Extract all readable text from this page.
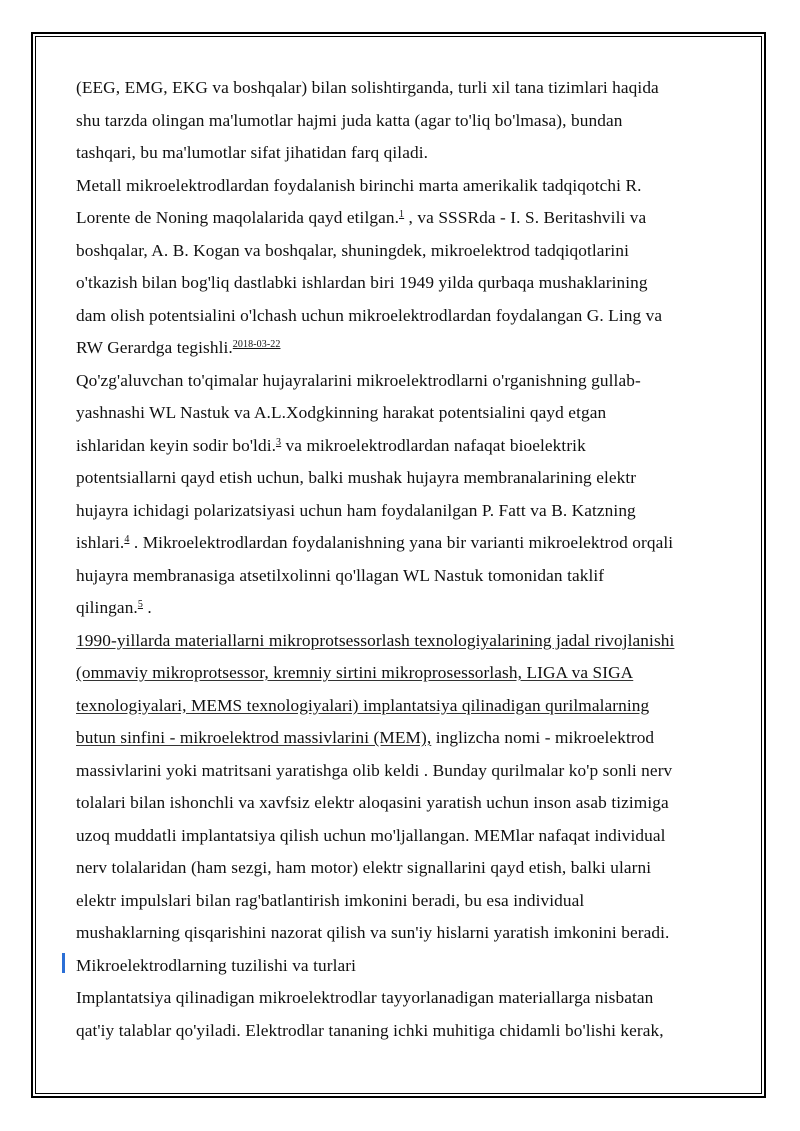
(EEG, EMG, EKG va boshqalar) bilan solishtirganda, turli xil tana tizimlari haqida
shu tarzda olingan ma'lumotlar hajmi juda katta (agar to'liq bo'lmasa), bundan
tashqari, bu ma'lumotlar sifat jihatidan farq qiladi.
Metall mikroelektrodlardan foydalanish birinchi marta amerikalik tadqiqotchi R.
Lorente de Noning maqolalarida qayd etilgan.$^1$ , va SSSRda - I. S. Beritashvili va
boshqalar, A. B. Kogan va boshqalar, shuningdek, mikroelektrod tadqiqotlarini
o'tkazish bilan bog'liq dastlabki ishlardan biri 1949 yilda qurbaqa mushaklarining
dam olish potentsialini o'lchash uchun mikroelektrodlardan foydalangan G. Ling va
RW Gerardga tegishli.$^{2018-03-22}$
Qo'zg'aluvchan to'qimalar hujayralarini mikroelektrodlarni o'rganishning gullab-
yashnashi WL Nastuk va A.L.Xodgkinning harakat potentsialini qayd etgan
ishlaridan keyin sodir bo'ldi.$^3$ va mikroelektrodlardan nafaqat bioelektrik
potentsiallarni qayd etish uchun, balki mushak hujayra membranalarining elektr
hujayra ichidagi polarizatsiyasi uchun ham foydalanilgan P. Fatt va B. Katzning
ishlari.$^4$ . Mikroelektrodlardan foydalanishning yana bir varianti mikroelektrod orqali
hujayra membranasiga atsetilxolinni qo'llagan WL Nastuk tomonidan taklif
qilingan.$^5$ .
1990-yillarda materiallarni mikroprotsessorlash texnologiyalarining jadal rivojlanishi
(ommaviy mikroprotsessor, kremniy sirtini mikroprosessorlash, LIGA va SIGA
texnologiyalari, MEMS texnologiyalari) implantatsiya qilinadigan qurilmalarning
butun sinfini - mikroelektrod massivlarini (MEM), inglizcha nomi - mikroelektrod
massivlarini yoki matritsani yaratishga olib keldi . Bunday qurilmalar ko'p sonli nerv
tolalari bilan ishonchli va xavfsiz elektr aloqasini yaratish uchun inson asab tizimiga
uzoq muddatli implantatsiya qilish uchun mo'ljallangan. MEMlar nafaqat individual
nerv tolalaridan (ham sezgi, ham motor) elektr signallarini qayd etish, balki ularni
elektr impulslari bilan rag'batlantirish imkonini beradi, bu esa individual
mushaklarning qisqarishini nazorat qilish va sun'iy hislarni yaratish imkonini beradi.
Mikroelektrodlarning tuzilishi va turlari
Implantatsiya qilinadigan mikroelektrodlar tayyorlanadigan materiallarga nisbatan
qat'iy talablar qo'yiladi. Elektrodlar tananing ichki muhitiga chidamli bo'lishi kerak,
